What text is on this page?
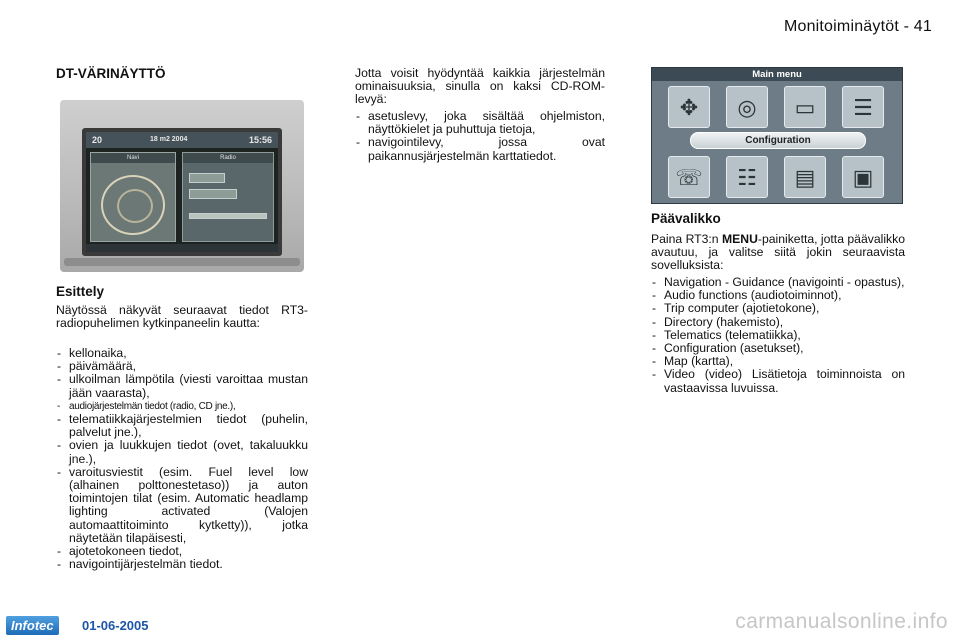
Monitoiminäytöt - 41
DT-VÄRINÄYTTÖ
20	18 m2 2004	15:56
Navi	Radio
Esittely

Näytössä näkyvät seuraavat tiedot RT3-radiopuhelimen kytkinpaneelin kautta:

- kellonaika,
- päivämäärä,
- ulkoilman lämpötila (viesti varoittaa mustan jään vaarasta),
- audiojärjestelmän tiedot (radio, CD jne.),
- telematiikkajärjestelmien tiedot (puhelin, palvelut jne.),
- ovien ja luukkujen tiedot (ovet, takaluukku jne.),
- varoitusviestit (esim. Fuel level low (alhainen polttonestetaso)) ja auton toimintojen tilat (esim. Automatic headlamp lighting activated (Valojen automaattitoiminto kytketty)), jotka näytetään tilapäisesti,
- ajotetokoneen tiedot,
- navigointijärjestelmän tiedot.

Jotta voisit hyödyntää kaikkia järjestelmän ominaisuuksia, sinulla on kaksi CD-ROM-levyä:

- asetuslevy, joka sisältää ohjelmiston, näyttökielet ja puhuttuja tietoja,
- navigointilevy, jossa ovat paikannusjärjestelmän karttatiedot.
Main menu
✥	◎	▭	☰
Configuration
☏	☷	▤	▣
Päävalikko

Paina RT3:n MENU-painiketta, jotta päävalikko avautuu, ja valitse siitä jokin seuraavista sovelluksista:

- Navigation - Guidance (navigointi - opastus),
- Audio functions (audiotoiminnot),
- Trip computer (ajotietokone),
- Directory (hakemisto),
- Telematics (telematiikka),
- Configuration (asetukset),
- Map (kartta),
- Video (video) Lisätietoja toiminnoista on vastaavissa luvuissa.
Infotec	01-06-2005	carmanualsonline.info
